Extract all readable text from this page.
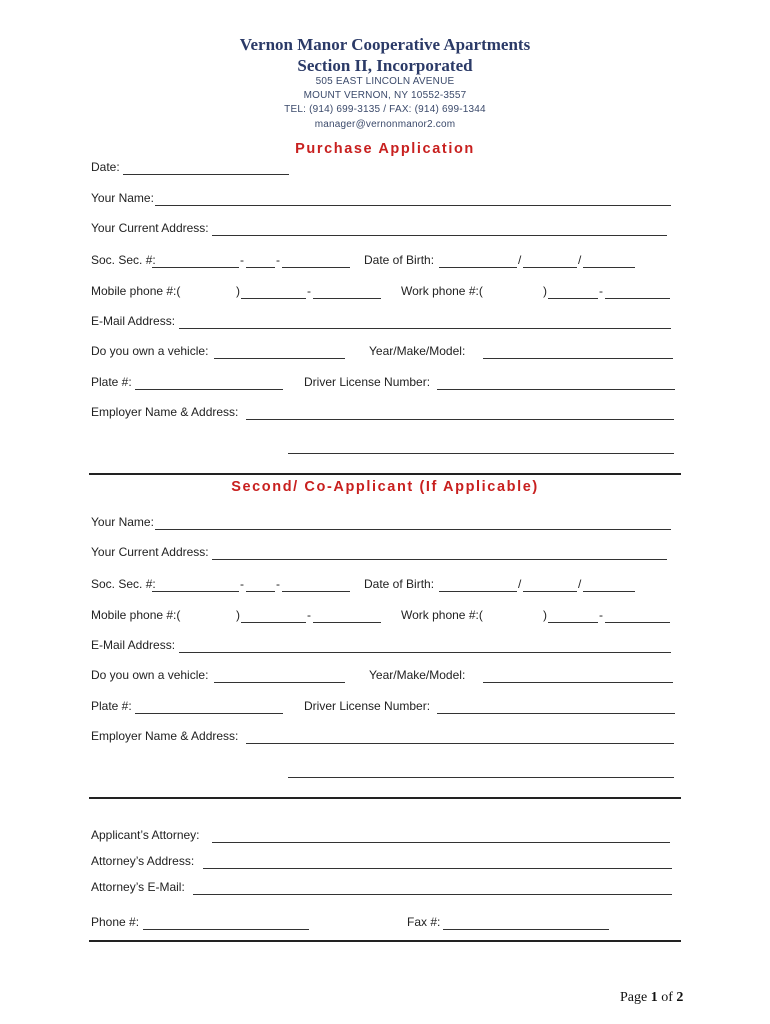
Vernon Manor Cooperative Apartments
Section II, Incorporated
505 EAST LINCOLN AVENUE
MOUNT VERNON, NY 10552-3557
TEL: (914) 699-3135 / FAX: (914) 699-1344
manager@vernonmanor2.com
Purchase Application
Date:
Your Name:
Your Current Address:
Soc. Sec. #:	-	-	Date of Birth:	/	/
Mobile phone #:(	)	-	Work phone #:(	)	-
E-Mail Address:
Do you own a vehicle:	Year/Make/Model:
Plate #:	Driver License Number:
Employer Name & Address:
Second/ Co-Applicant (If Applicable)
Your Name:
Your Current Address:
Soc. Sec. #:	-	-	Date of Birth:	/	/
Mobile phone #:(	)	-	Work phone #:(	)	-
E-Mail Address:
Do you own a vehicle:	Year/Make/Model:
Plate #:	Driver License Number:
Employer Name & Address:
Applicant’s Attorney:
Attorney’s Address:
Attorney’s E-Mail:
Phone #:	Fax #:
Page 1 of 2
